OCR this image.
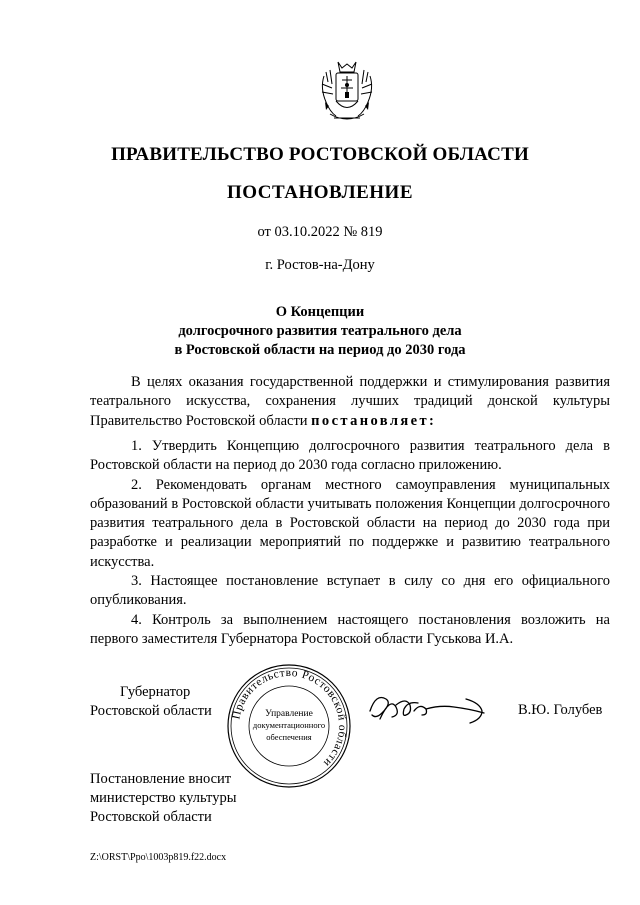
ПРАВИТЕЛЬСТВО РОСТОВСКОЙ ОБЛАСТИ
ПОСТАНОВЛЕНИЕ
от 03.10.2022 № 819
г. Ростов-на-Дону
О Концепции
долгосрочного развития театрального дела
в Ростовской области на период до 2030 года

В целях оказания государственной поддержки и стимулирования развития театрального искусства, сохранения лучших традиций донской культуры Правительство Ростовской области постановляет:

1. Утвердить Концепцию долгосрочного развития театрального дела в Ростовской области на период до 2030 года согласно приложению.

2. Рекомендовать органам местного самоуправления муниципальных образований в Ростовской области учитывать положения Концепции долгосрочного развития театрального дела в Ростовской области на период до 2030 года при разработке и реализации мероприятий по поддержке и развитию театрального искусства.

3. Настоящее постановление вступает в силу со дня его официального опубликования.

4. Контроль за выполнением настоящего постановления возложить на первого заместителя Губернатора Ростовской области Гуськова И.А.

Губернатор
Ростовской области Правительство Ростовской области
Управление
документационного
обеспечения
В.Ю. Голубев
Постановление вносит
министерство культуры
Ростовской области
Z:\ORST\Ppo\1003p819.f22.docx
